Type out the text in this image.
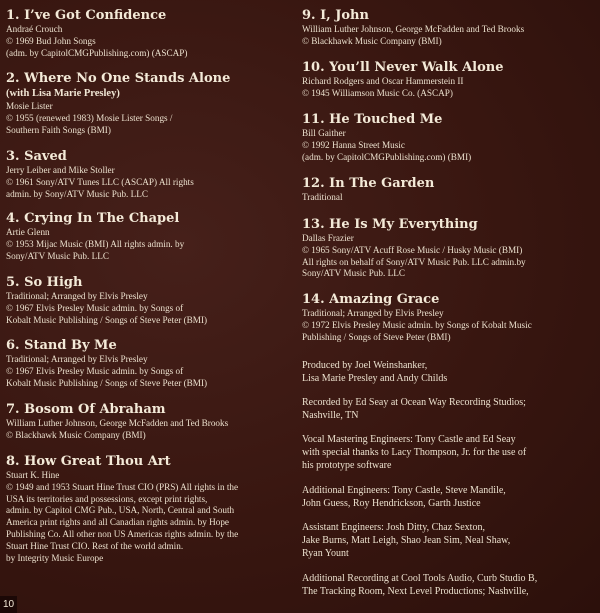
1. I’ve Got Confidence
Andraé Crouch
© 1969 Bud John Songs
(adm. by CapitolCMGPublishing.com) (ASCAP)
2. Where No One Stands Alone
(with Lisa Marie Presley)
Mosie Lister
© 1955 (renewed 1983) Mosie Lister Songs /
Southern Faith Songs (BMI)
3. Saved
Jerry Leiber and Mike Stoller
© 1961 Sony/ATV Tunes LLC (ASCAP) All rights
admin. by Sony/ATV Music Pub. LLC
4. Crying In The Chapel
Artie Glenn
© 1953 Mijac Music (BMI) All rights admin. by
Sony/ATV Music Pub. LLC
5. So High
Traditional; Arranged by Elvis Presley
© 1967 Elvis Presley Music admin. by Songs of
Kobalt Music Publishing / Songs of Steve Peter (BMI)
6. Stand By Me
Traditional; Arranged by Elvis Presley
© 1967 Elvis Presley Music admin. by Songs of
Kobalt Music Publishing / Songs of Steve Peter (BMI)
7. Bosom Of Abraham
William Luther Johnson, George McFadden and Ted Brooks
© Blackhawk Music Company (BMI)
8. How Great Thou Art
Stuart K. Hine
© 1949 and 1953 Stuart Hine Trust CIO (PRS) All rights in the
USA its territories and possessions, except print rights,
admin. by Capitol CMG Pub., USA, North, Central and South
America print rights and all Canadian rights admin. by Hope
Publishing Co. All other non US Americas rights admin. by the
Stuart Hine Trust CIO. Rest of the world admin.
by Integrity Music Europe
9. I, John
William Luther Johnson, George McFadden and Ted Brooks
© Blackhawk Music Company (BMI)
10. You’ll Never Walk Alone
Richard Rodgers and Oscar Hammerstein II
© 1945 Williamson Music Co. (ASCAP)
11. He Touched Me
Bill Gaither
© 1992 Hanna Street Music
(adm. by CapitolCMGPublishing.com) (BMI)
12. In The Garden
Traditional
13. He Is My Everything
Dallas Frazier
© 1965 Sony/ATV Acuff Rose Music / Husky Music (BMI)
All rights on behalf of Sony/ATV Music Pub. LLC admin.by
Sony/ATV Music Pub. LLC
14. Amazing Grace
Traditional; Arranged by Elvis Presley
© 1972 Elvis Presley Music admin. by Songs of Kobalt Music
Publishing / Songs of Steve Peter (BMI)
Produced by Joel Weinshanker,
Lisa Marie Presley and Andy Childs
Recorded by Ed Seay at Ocean Way Recording Studios;
Nashville, TN
Vocal Mastering Engineers: Tony Castle and Ed Seay
with special thanks to Lacy Thompson, Jr. for the use of
his prototype software
Additional Engineers: Tony Castle, Steve Mandile,
John Guess, Roy Hendrickson, Garth Justice
Assistant Engineers: Josh Ditty, Chaz Sexton,
Jake Burns, Matt Leigh, Shao Jean Sim, Neal Shaw,
Ryan Yount
Additional Recording at Cool Tools Audio, Curb Studio B,
The Tracking Room, Next Level Productions; Nashville,
10
